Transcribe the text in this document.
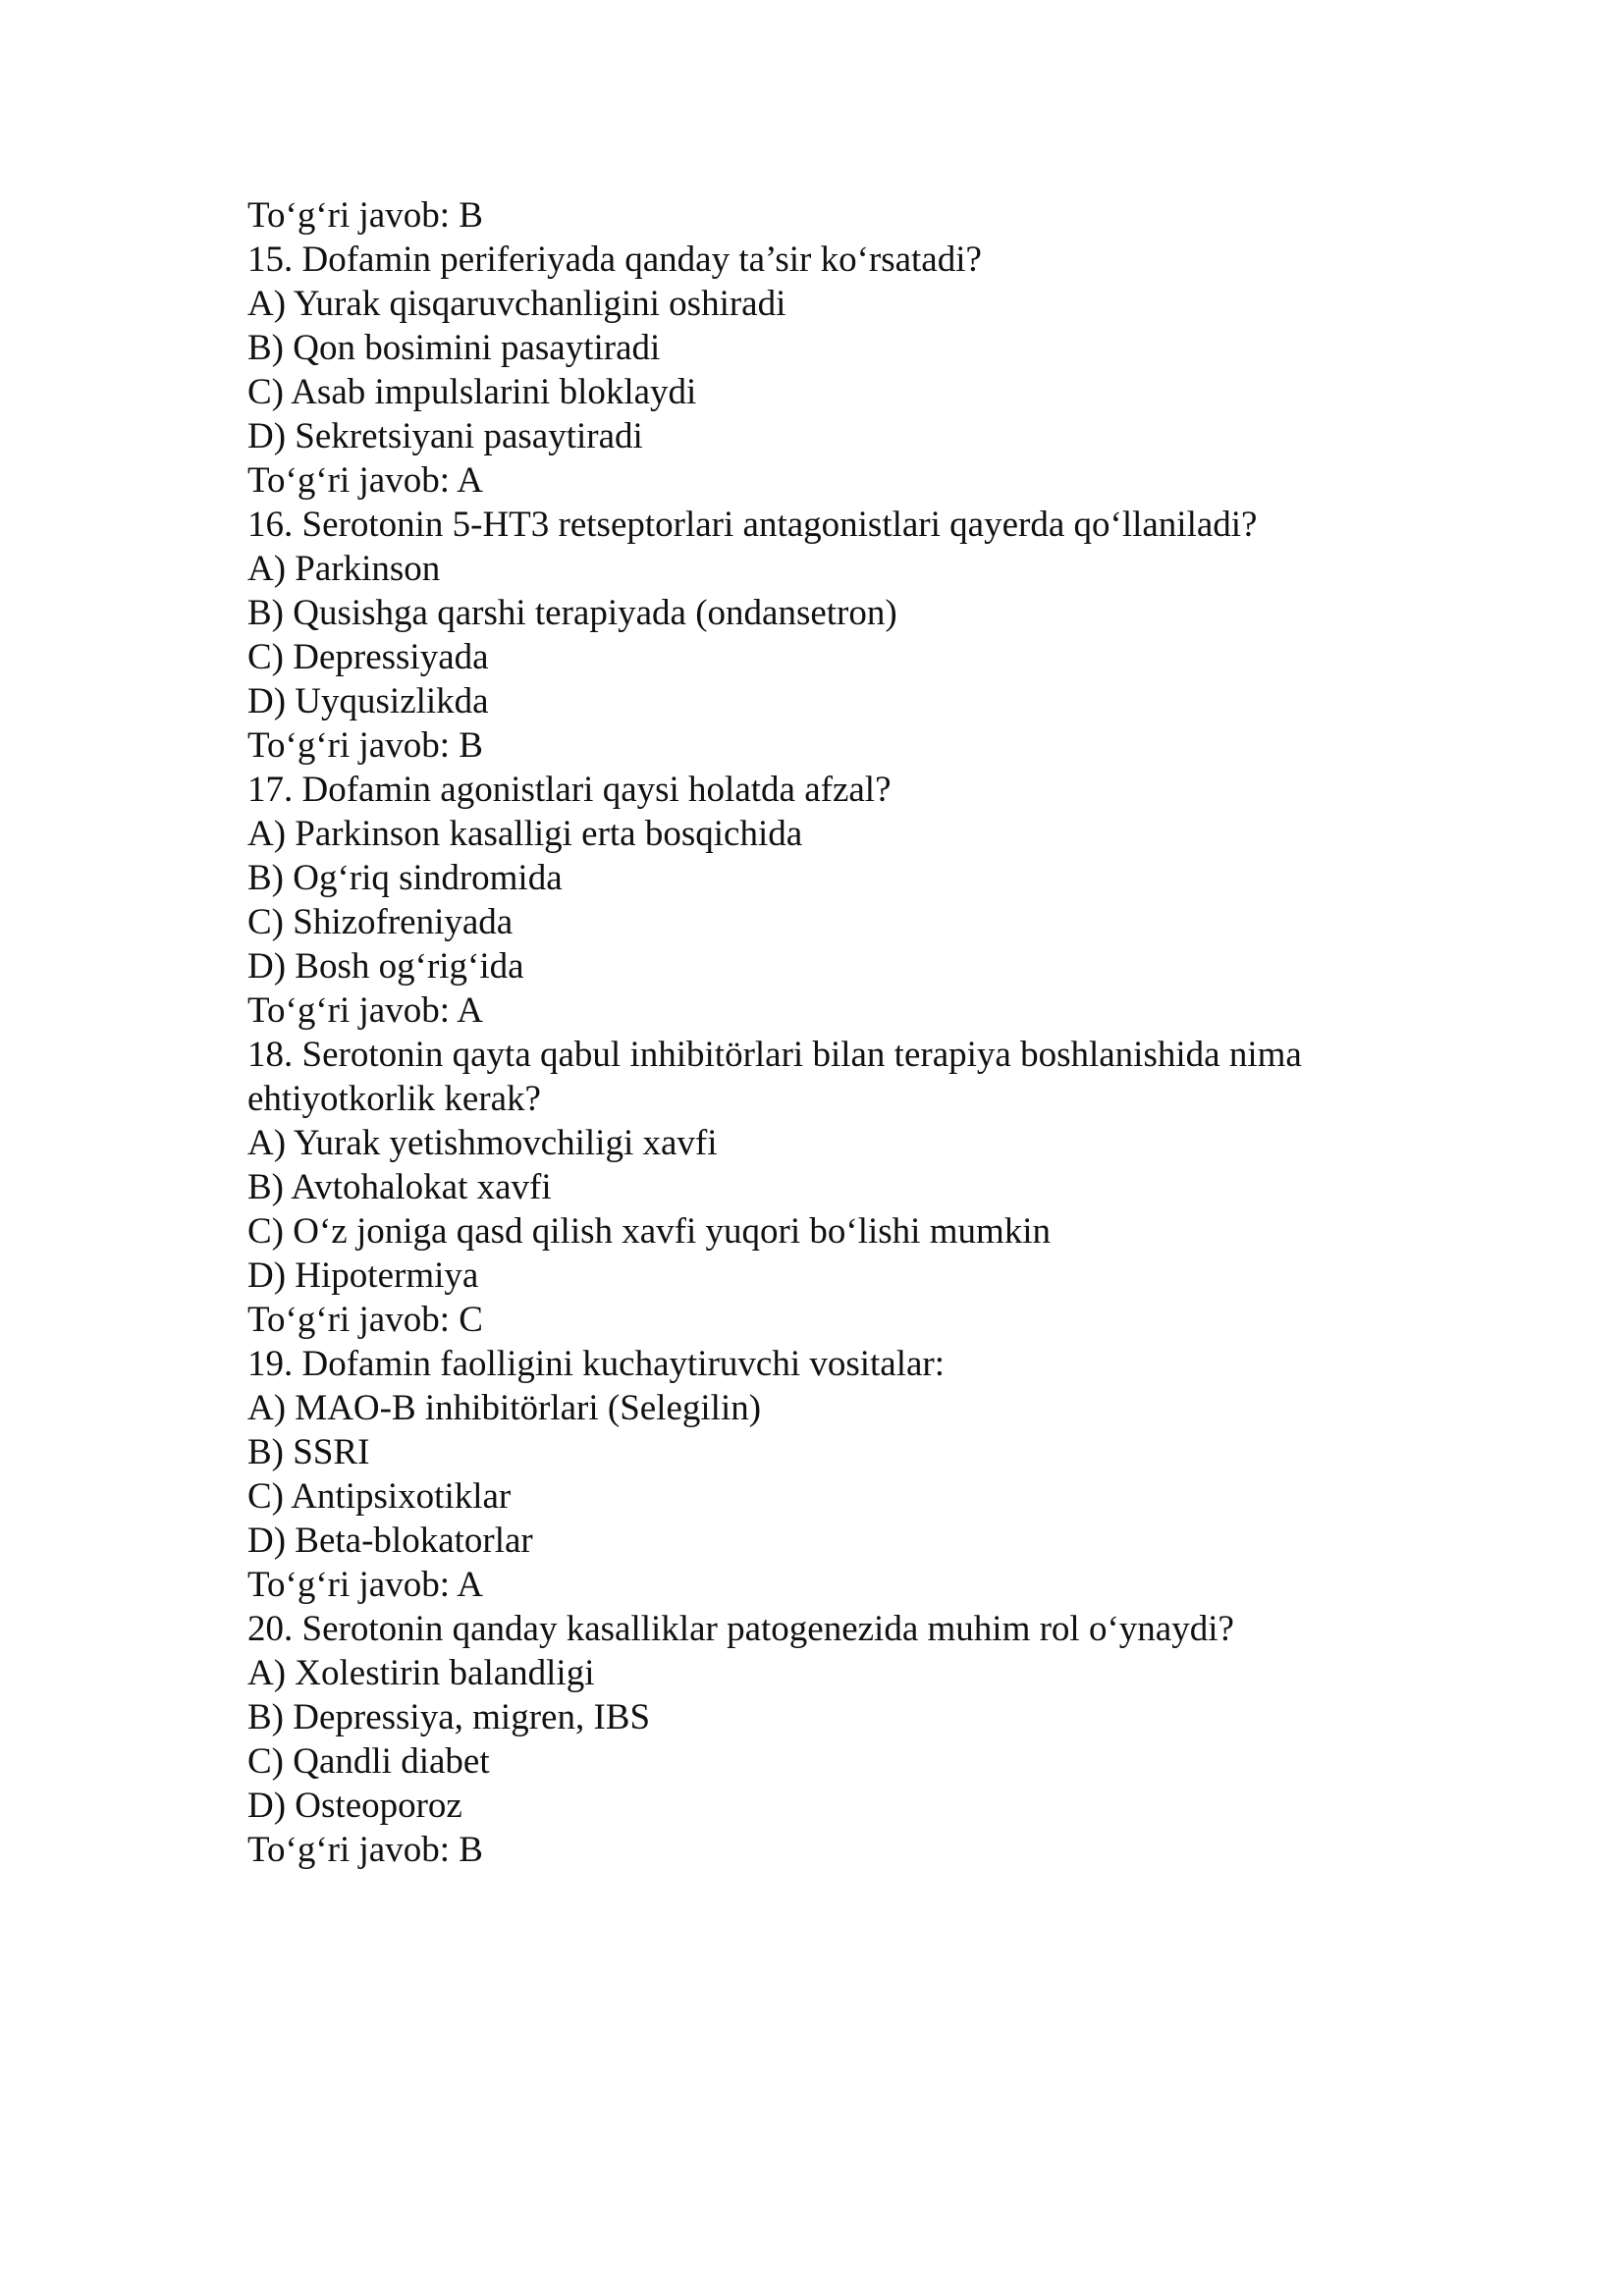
To‘g‘ri javob: B

15. Dofamin periferiyada qanday ta’sir ko‘rsatadi?

A) Yurak qisqaruvchanligini oshiradi

B) Qon bosimini pasaytiradi

C) Asab impulslarini bloklaydi

D) Sekretsiyani pasaytiradi

To‘g‘ri javob: A

16. Serotonin 5-HT3 retseptorlari antagonistlari qayerda qo‘llaniladi?

A) Parkinson

B) Qusishga qarshi terapiyada (ondansetron)

C) Depressiyada

D) Uyqusizlikda

To‘g‘ri javob: B

17. Dofamin agonistlari qaysi holatda afzal?

A) Parkinson kasalligi erta bosqichida

B) Og‘riq sindromida

C) Shizofreniyada

D) Bosh og‘rig‘ida

To‘g‘ri javob: A

18. Serotonin qayta qabul inhibitörlari bilan terapiya boshlanishida nima ehtiyotkorlik kerak?

A) Yurak yetishmovchiligi xavfi

B) Avtohalokat xavfi

C) O‘z joniga qasd qilish xavfi yuqori bo‘lishi mumkin

D) Hipotermiya

To‘g‘ri javob: C

19. Dofamin faolligini kuchaytiruvchi vositalar:

A) MAO-B inhibitörlari (Selegilin)

B) SSRI

C) Antipsixotiklar

D) Beta-blokatorlar

To‘g‘ri javob: A

20. Serotonin qanday kasalliklar patogenezida muhim rol o‘ynaydi?

A) Xolestirin balandligi

B) Depressiya, migren, IBS

C) Qandli diabet

D) Osteoporoz

To‘g‘ri javob: B
